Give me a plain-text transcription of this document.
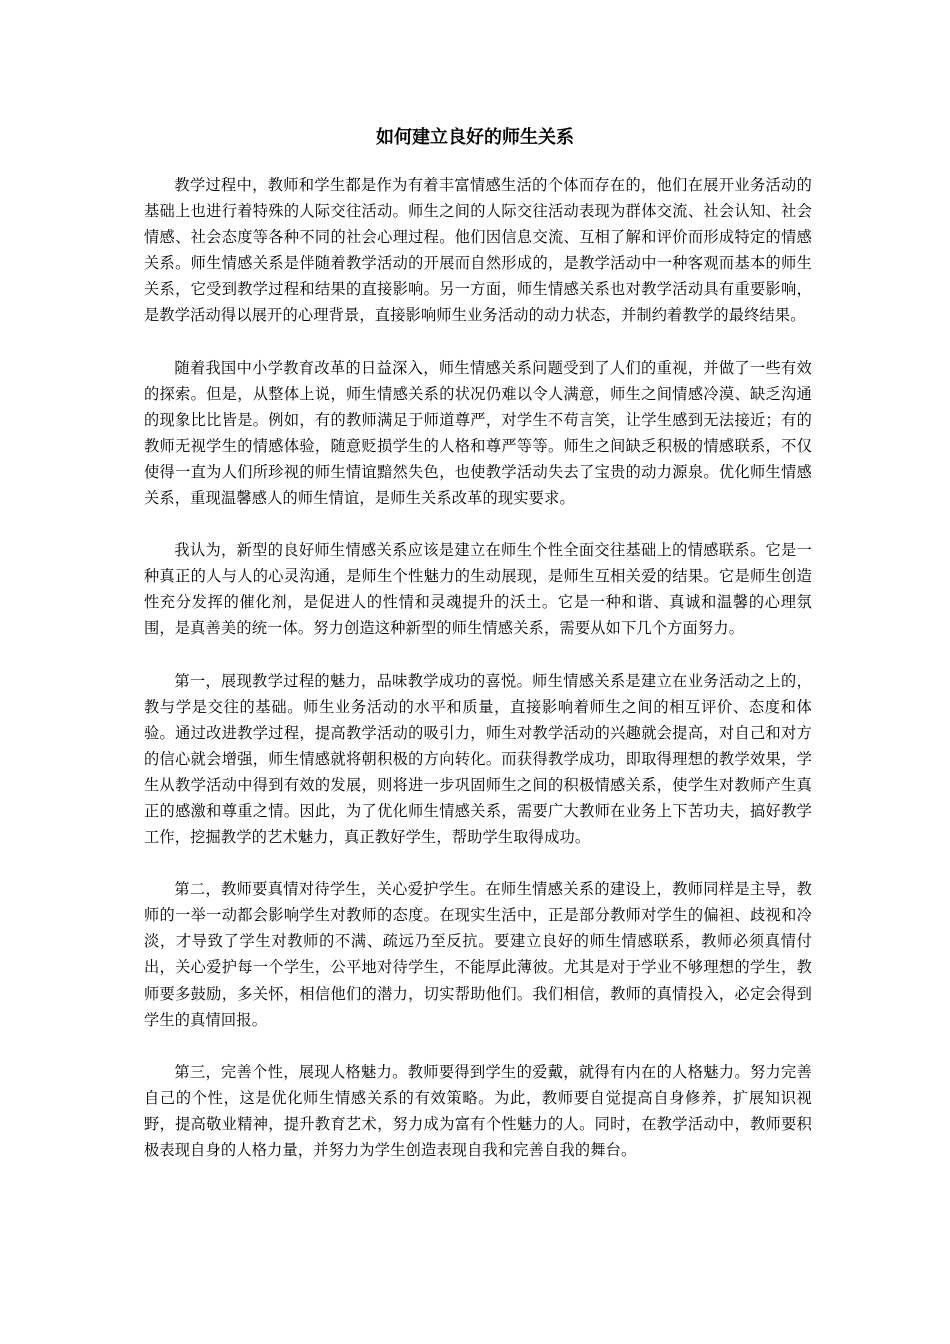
如何建立良好的师生关系

教学过程中，教师和学生都是作为有着丰富情感生活的个体而存在的，他们在展开业务活动的基础上也进行着特殊的人际交往活动。师生之间的人际交往活动表现为群体交流、社会认知、社会情感、社会态度等各种不同的社会心理过程。他们因信息交流、互相了解和评价而形成特定的情感关系。师生情感关系是伴随着教学活动的开展而自然形成的，是教学活动中一种客观而基本的师生关系，它受到教学过程和结果的直接影响。另一方面，师生情感关系也对教学活动具有重要影响，是教学活动得以展开的心理背景，直接影响师生业务活动的动力状态，并制约着教学的最终结果。

随着我国中小学教育改革的日益深入，师生情感关系问题受到了人们的重视，并做了一些有效的探索。但是，从整体上说，师生情感关系的状况仍难以令人满意，师生之间情感冷漠、缺乏沟通的现象比比皆是。例如，有的教师满足于师道尊严，对学生不苟言笑，让学生感到无法接近；有的教师无视学生的情感体验，随意贬损学生的人格和尊严等等。师生之间缺乏积极的情感联系，不仅使得一直为人们所珍视的师生情谊黯然失色，也使教学活动失去了宝贵的动力源泉。优化师生情感关系，重现温馨感人的师生情谊，是师生关系改革的现实要求。

我认为，新型的良好师生情感关系应该是建立在师生个性全面交往基础上的情感联系。它是一种真正的人与人的心灵沟通，是师生个性魅力的生动展现，是师生互相关爱的结果。它是师生创造性充分发挥的催化剂，是促进人的性情和灵魂提升的沃土。它是一种和谐、真诚和温馨的心理氛围，是真善美的统一体。努力创造这种新型的师生情感关系，需要从如下几个方面努力。

第一，展现教学过程的魅力，品味教学成功的喜悦。师生情感关系是建立在业务活动之上的，教与学是交往的基础。师生业务活动的水平和质量，直接影响着师生之间的相互评价、态度和体验。通过改进教学过程，提高教学活动的吸引力，师生对教学活动的兴趣就会提高，对自己和对方的信心就会增强，师生情感就将朝积极的方向转化。而获得教学成功，即取得理想的教学效果，学生从教学活动中得到有效的发展，则将进一步巩固师生之间的积极情感关系，使学生对教师产生真正的感激和尊重之情。因此，为了优化师生情感关系，需要广大教师在业务上下苦功夫，搞好教学工作，挖掘教学的艺术魅力，真正教好学生，帮助学生取得成功。

第二，教师要真情对待学生，关心爱护学生。在师生情感关系的建设上，教师同样是主导，教师的一举一动都会影响学生对教师的态度。在现实生活中，正是部分教师对学生的偏袒、歧视和冷淡，才导致了学生对教师的不满、疏远乃至反抗。要建立良好的师生情感联系，教师必须真情付出，关心爱护每一个学生，公平地对待学生，不能厚此薄彼。尤其是对于学业不够理想的学生，教师要多鼓励，多关怀，相信他们的潜力，切实帮助他们。我们相信，教师的真情投入，必定会得到学生的真情回报。

第三，完善个性，展现人格魅力。教师要得到学生的爱戴，就得有内在的人格魅力。努力完善自己的个性，这是优化师生情感关系的有效策略。为此，教师要自觉提高自身修养，扩展知识视野，提高敬业精神，提升教育艺术，努力成为富有个性魅力的人。同时，在教学活动中，教师要积极表现自身的人格力量，并努力为学生创造表现自我和完善自我的舞台。
